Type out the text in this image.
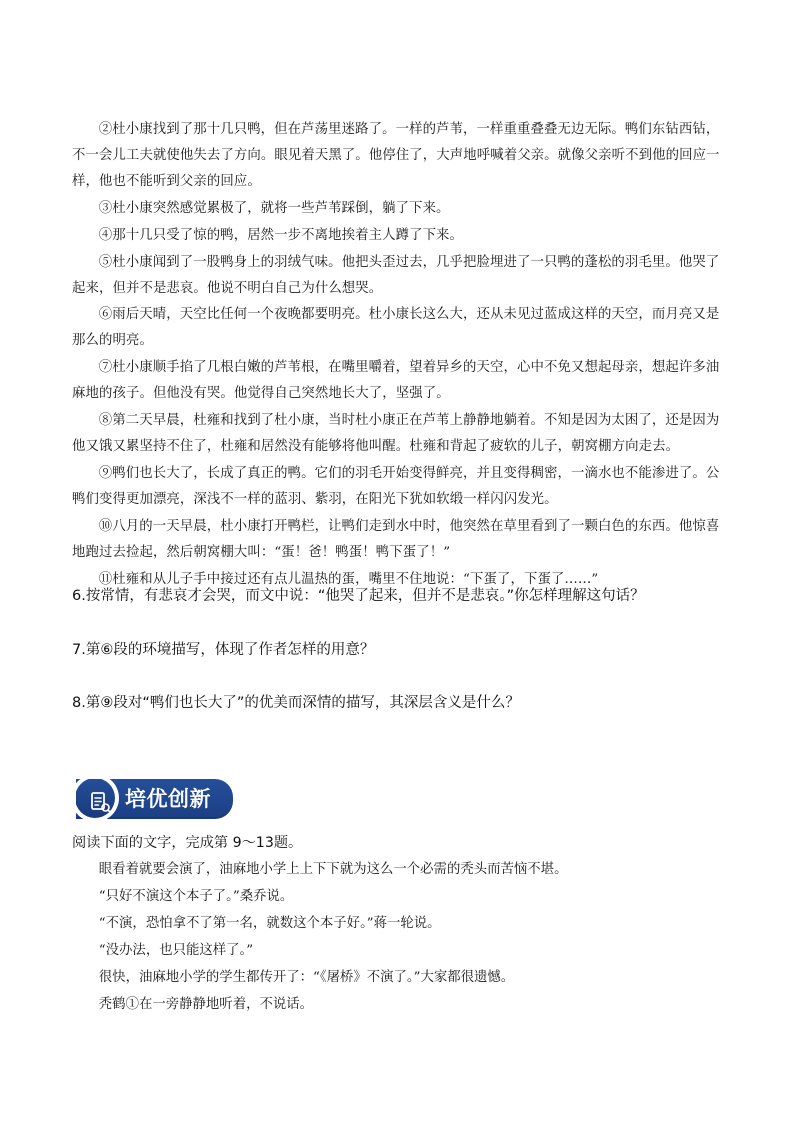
②杜小康找到了那十几只鸭，但在芦荡里迷路了。一样的芦苇，一样重重叠叠无边无际。鸭们东钻西钻，不一会儿工夫就使他失去了方向。眼见着天黑了。他停住了，大声地呼喊着父亲。就像父亲听不到他的回应一样，他也不能听到父亲的回应。

③杜小康突然感觉累极了，就将一些芦苇踩倒，躺了下来。

④那十几只受了惊的鸭，居然一步不离地挨着主人蹲了下来。

⑤杜小康闻到了一股鸭身上的羽绒气味。他把头歪过去，几乎把脸埋进了一只鸭的蓬松的羽毛里。他哭了起来，但并不是悲哀。他说不明白自己为什么想哭。

⑥雨后天晴，天空比任何一个夜晚都要明亮。杜小康长这么大，还从未见过蓝成这样的天空，而月亮又是那么的明亮。

⑦杜小康顺手掐了几根白嫩的芦苇根，在嘴里嚼着，望着异乡的天空，心中不免又想起母亲，想起许多油麻地的孩子。但他没有哭。他觉得自己突然地长大了，坚强了。

⑧第二天早晨，杜雍和找到了杜小康，当时杜小康正在芦苇上静静地躺着。不知是因为太困了，还是因为他又饿又累坚持不住了，杜雍和居然没有能够将他叫醒。杜雍和背起了疲软的儿子，朝窝棚方向走去。

⑨鸭们也长大了，长成了真正的鸭。它们的羽毛开始变得鲜亮，并且变得稠密，一滴水也不能渗进了。公鸭们变得更加漂亮，深浅不一样的蓝羽、紫羽，在阳光下犹如软缎一样闪闪发光。

⑩八月的一天早晨，杜小康打开鸭栏，让鸭们走到水中时，他突然在草里看到了一颗白色的东西。他惊喜地跑过去捡起，然后朝窝棚大叫：“蛋！爸！鸭蛋！鸭下蛋了！”

⑪杜雍和从儿子手中接过还有点儿温热的蛋，嘴里不住地说：“下蛋了，下蛋了……”

6.按常情，有悲哀才会哭，而文中说：“他哭了起来，但并不是悲哀。”你怎样理解这句话？

7.第⑥段的环境描写，体现了作者怎样的用意？

8.第⑨段对“鸭们也长大了”的优美而深情的描写，其深层含义是什么？

培优创新

阅读下面的文字，完成第 9～13题。

眼看着就要会演了，油麻地小学上上下下就为这么一个必需的秃头而苦恼不堪。

“只好不演这个本子了。”桑乔说。

“不演，恐怕拿不了第一名，就数这个本子好。”蒋一轮说。

“没办法，也只能这样了。”

很快，油麻地小学的学生都传开了：“《屠桥》不演了。”大家都很遗憾。

秃鹤①在一旁静静地听着，不说话。
